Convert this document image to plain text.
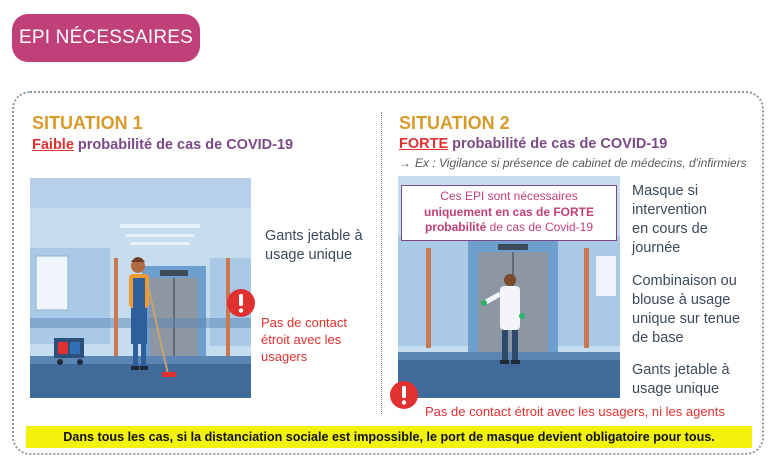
EPI NÉCESSAIRES
SITUATION 1
Faible probabilité de cas de COVID-19
Gants jetable à
usage unique
Pas de contact
étroit avec les
usagers
SITUATION 2
FORTE probabilité de cas de COVID-19
→ Ex : Vigilance si présence de cabinet de médecins, d'infirmiers
Ces EPI sont nécessaires
uniquement en cas de FORTE
probabilité de cas de Covid-19
Masque si
intervention
en cours de
journée
Combinaison ou
blouse à usage
unique sur tenue
de base
Gants jetable à
usage unique
Pas de contact étroit avec les usagers, ni les agents
Dans tous les cas, si la distanciation sociale est impossible, le port de masque devient obligatoire pour tous.
